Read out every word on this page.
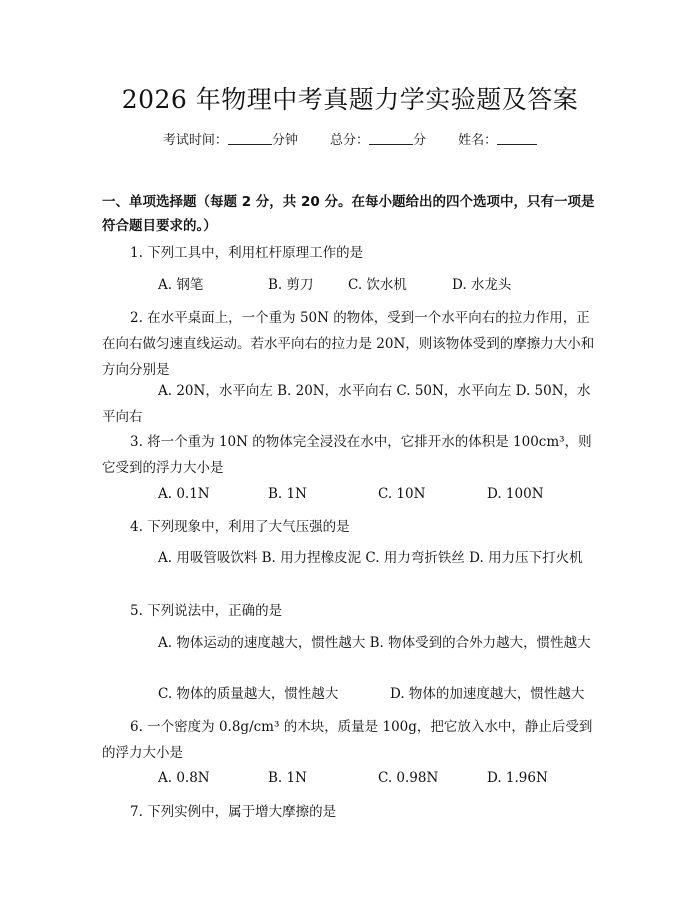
2026 年物理中考真题力学实验题及答案
考试时间：	分钟 总分：	分 姓名：
一、单项选择题（每题 2 分，共 20 分。在每小题给出的四个选项中，只有一项是符合题目要求的。）
1. 下列工具中，利用杠杆原理工作的是
A. 钢笔	B. 剪刀	C. 饮水机	D. 水龙头
2. 在水平桌面上，一个重为 50N 的物体，受到一个水平向右的拉力作用，正在向右做匀速直线运动。若水平向右的拉力是 20N，则该物体受到的摩擦力大小和方向分别是
A. 20N，水平向左 B. 20N，水平向右 C. 50N，水平向左 D. 50N，水平向右
3. 将一个重为 10N 的物体完全浸没在水中，它排开水的体积是 100cm³，则它受到的浮力大小是
A. 0.1N	B. 1N	C. 10N	D. 100N
4. 下列现象中，利用了大气压强的是
A. 用吸管吸饮料 B. 用力捏橡皮泥 C. 用力弯折铁丝 D. 用力压下打火机
5. 下列说法中，正确的是
A. 物体运动的速度越大，惯性越大 B. 物体受到的合外力越大，惯性越大
C. 物体的质量越大，惯性越大	D. 物体的加速度越大，惯性越大
6. 一个密度为 0.8g/cm³ 的木块，质量是 100g，把它放入水中，静止后受到的浮力大小是
A. 0.8N	B. 1N	C. 0.98N	D. 1.96N
7. 下列实例中，属于增大摩擦的是
